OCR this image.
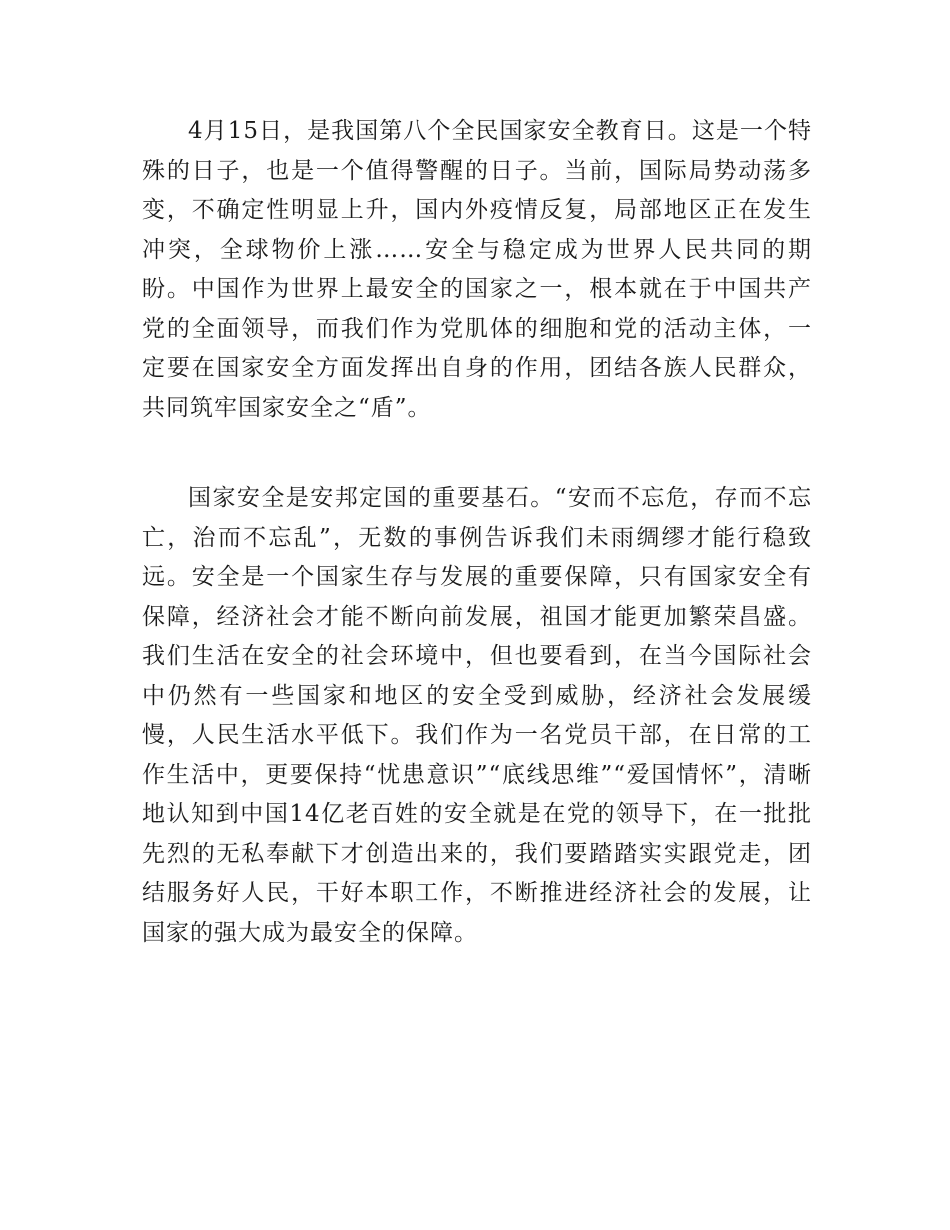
4月15日，是我国第八个全民国家安全教育日。这是一个特殊的日子，也是一个值得警醒的日子。当前，国际局势动荡多变，不确定性明显上升，国内外疫情反复，局部地区正在发生冲突，全球物价上涨……安全与稳定成为世界人民共同的期盼。中国作为世界上最安全的国家之一，根本就在于中国共产党的全面领导，而我们作为党肌体的细胞和党的活动主体，一定要在国家安全方面发挥出自身的作用，团结各族人民群众，共同筑牢国家安全之“盾”。

国家安全是安邦定国的重要基石。“安而不忘危，存而不忘亡，治而不忘乱”，无数的事例告诉我们未雨绸缪才能行稳致远。安全是一个国家生存与发展的重要保障，只有国家安全有保障，经济社会才能不断向前发展，祖国才能更加繁荣昌盛。我们生活在安全的社会环境中，但也要看到，在当今国际社会中仍然有一些国家和地区的安全受到威胁，经济社会发展缓慢，人民生活水平低下。我们作为一名党员干部，在日常的工作生活中，更要保持“忧患意识”“底线思维”“爱国情怀”，清晰地认知到中国14亿老百姓的安全就是在党的领导下，在一批批先烈的无私奉献下才创造出来的，我们要踏踏实实跟党走，团结服务好人民，干好本职工作，不断推进经济社会的发展，让国家的强大成为最安全的保障。
